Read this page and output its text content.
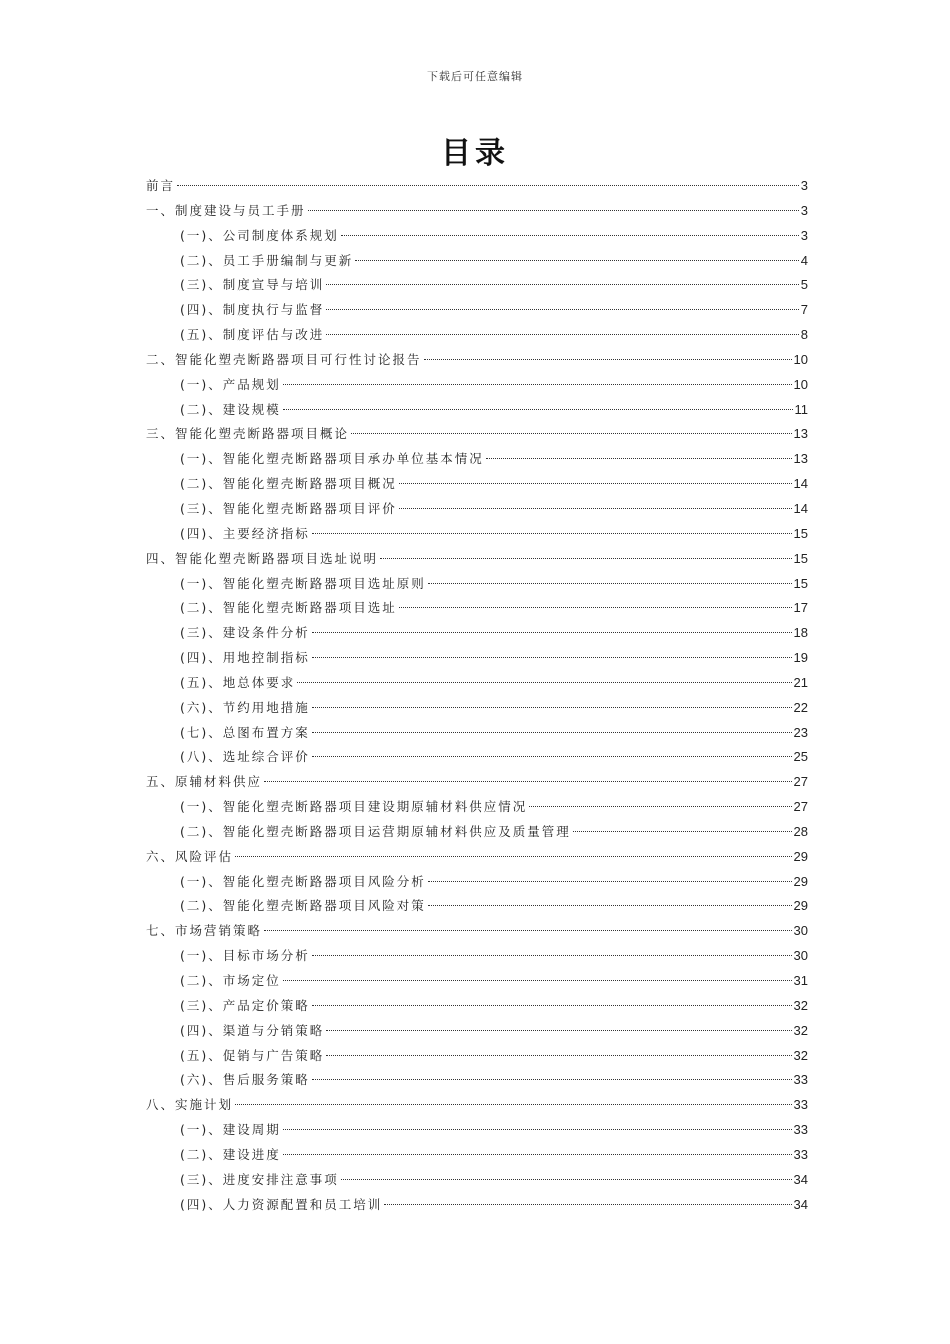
下载后可任意编辑
目录
前言	3
一、制度建设与员工手册	3
(一)、公司制度体系规划	3
(二)、员工手册编制与更新	4
(三)、制度宣导与培训	5
(四)、制度执行与监督	7
(五)、制度评估与改进	8
二、智能化塑壳断路器项目可行性讨论报告	10
(一)、产品规划	10
(二)、建设规模	11
三、智能化塑壳断路器项目概论	13
(一)、智能化塑壳断路器项目承办单位基本情况	13
(二)、智能化塑壳断路器项目概况	14
(三)、智能化塑壳断路器项目评价	14
(四)、主要经济指标	15
四、智能化塑壳断路器项目选址说明	15
(一)、智能化塑壳断路器项目选址原则	15
(二)、智能化塑壳断路器项目选址	17
(三)、建设条件分析	18
(四)、用地控制指标	19
(五)、地总体要求	21
(六)、节约用地措施	22
(七)、总图布置方案	23
(八)、选址综合评价	25
五、原辅材料供应	27
(一)、智能化塑壳断路器项目建设期原辅材料供应情况	27
(二)、智能化塑壳断路器项目运营期原辅材料供应及质量管理	28
六、风险评估	29
(一)、智能化塑壳断路器项目风险分析	29
(二)、智能化塑壳断路器项目风险对策	29
七、市场营销策略	30
(一)、目标市场分析	30
(二)、市场定位	31
(三)、产品定价策略	32
(四)、渠道与分销策略	32
(五)、促销与广告策略	32
(六)、售后服务策略	33
八、实施计划	33
(一)、建设周期	33
(二)、建设进度	33
(三)、进度安排注意事项	34
(四)、人力资源配置和员工培训	34
